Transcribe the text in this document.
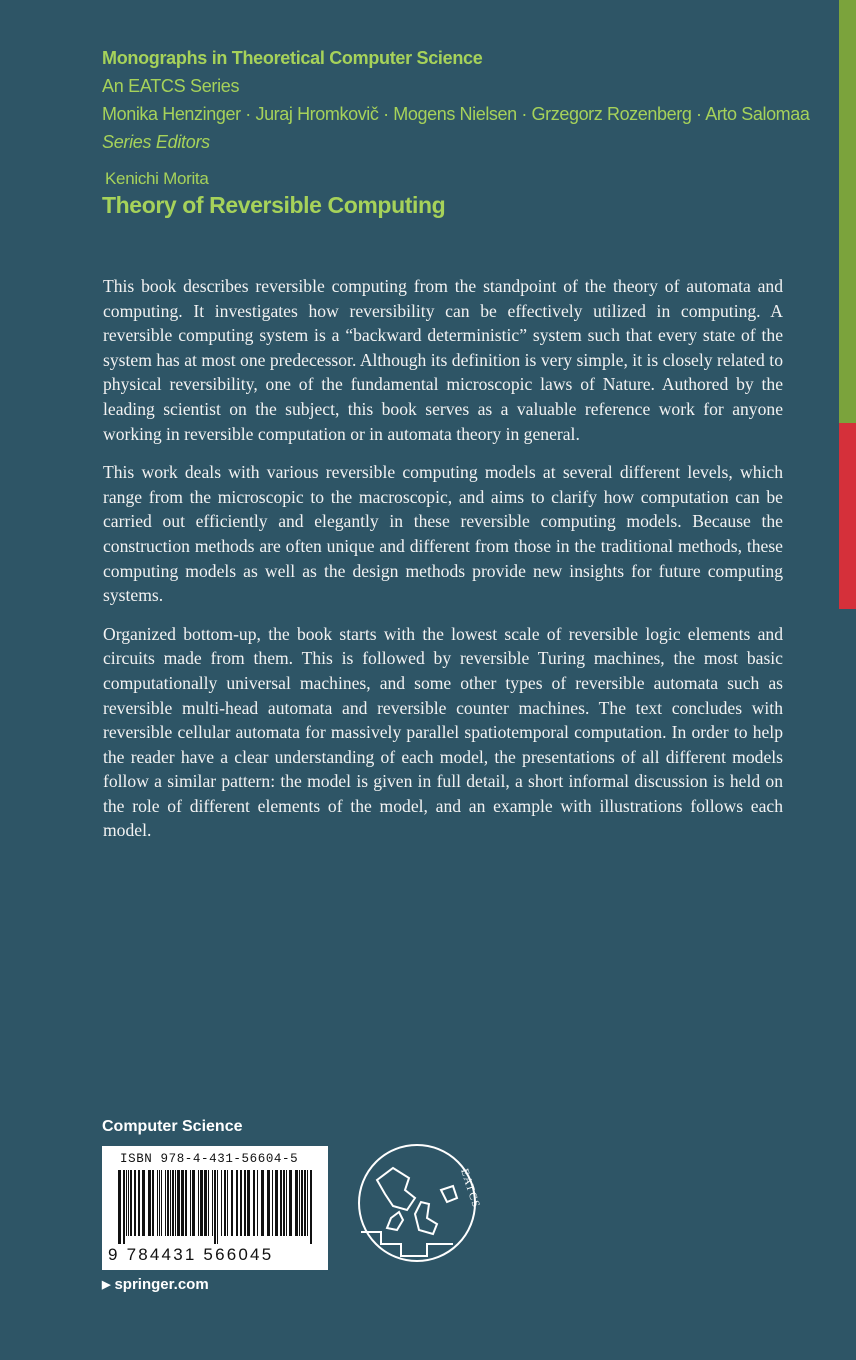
Monographs in Theoretical Computer Science
An EATCS Series
Monika Henzinger · Juraj Hromkovič · Mogens Nielsen · Grzegorz Rozenberg · Arto Salomaa
Series Editors
Kenichi Morita
Theory of Reversible Computing

This book describes reversible computing from the standpoint of the theory of automata and computing. It investigates how reversibility can be effectively utilized in computing. A reversible computing system is a “backward deterministic” system such that every state of the system has at most one predecessor. Although its definition is very simple, it is closely related to physical reversibility, one of the fundamental microscopic laws of Nature. Authored by the leading scientist on the subject, this book serves as a valuable reference work for anyone working in reversible computation or in automata theory in general.

This work deals with various reversible computing models at several different levels, which range from the microscopic to the macroscopic, and aims to clarify how computation can be carried out efficiently and elegantly in these reversible computing models. Because the construction methods are often unique and different from those in the traditional methods, these computing models as well as the design methods provide new insights for future computing systems.

Organized bottom-up, the book starts with the lowest scale of reversible logic elements and circuits made from them. This is followed by reversible Turing machines, the most basic computationally universal machines, and some other types of reversible automata such as reversible multi-head automata and reversible counter machines. The text concludes with reversible cellular automata for massively parallel spatiotemporal computation. In order to help the reader have a clear understanding of each model, the presentations of all different models follow a similar pattern: the model is given in full detail, a short informal discussion is held on the role of different elements of the model, and an example with illustrations follows each model.

Computer Science
ISBN 978-4-431-56604-5
9 784431 566045
EATCS
▶ springer.com
